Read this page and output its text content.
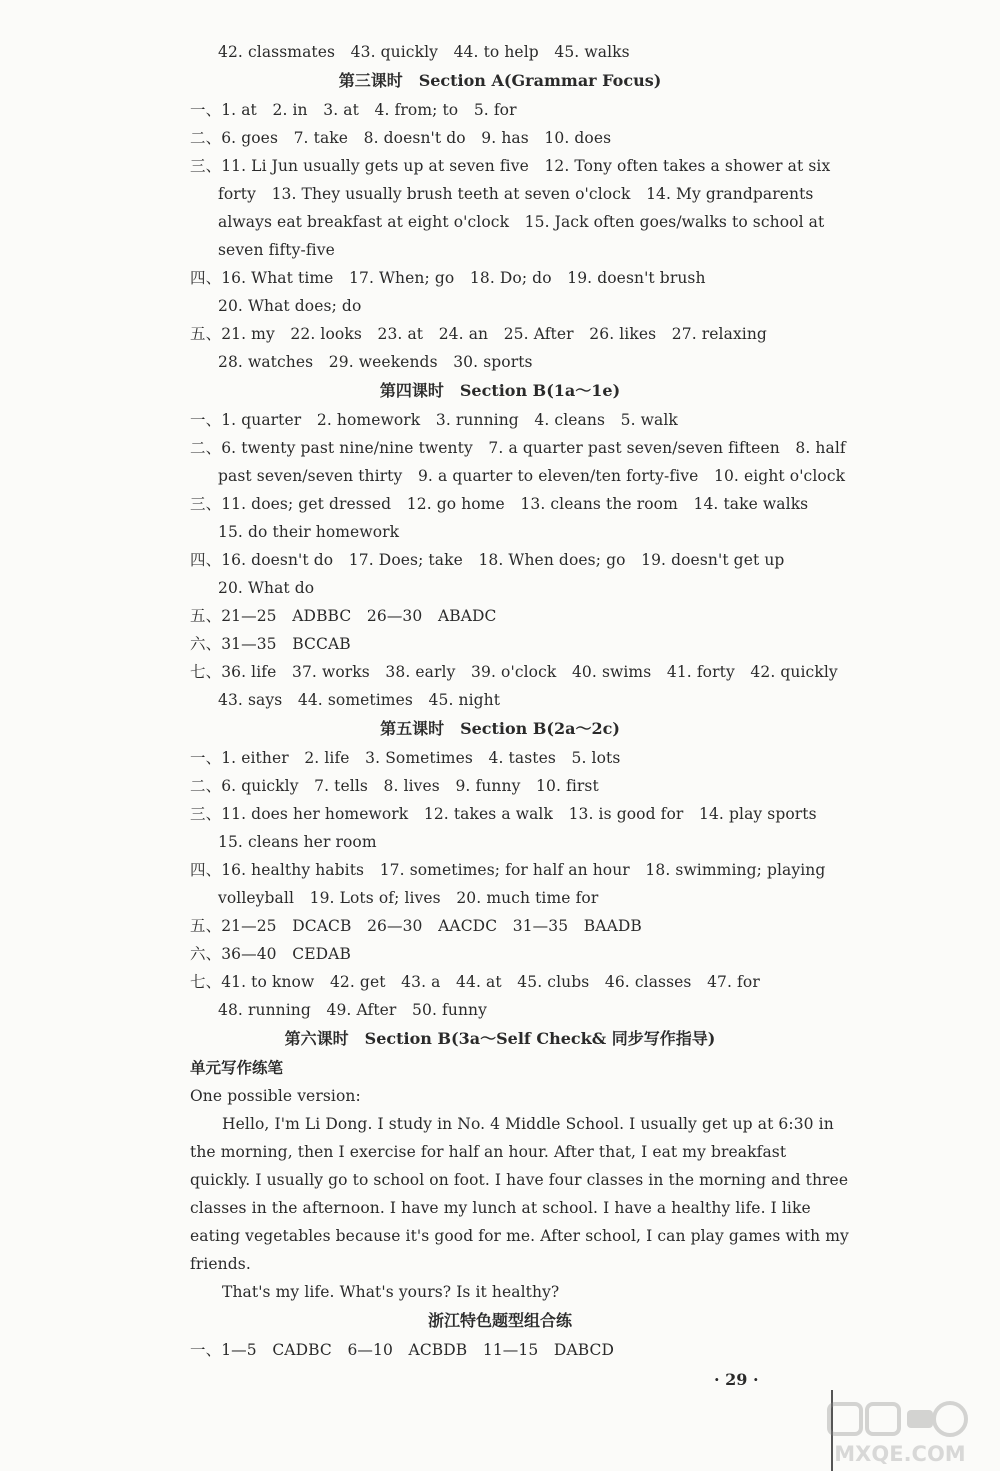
42. classmates　43. quickly　44. to help　45. walks
第三课时　Section A(Grammar Focus)
一、1. at　2. in　3. at　4. from; to　5. for
二、6. goes　7. take　8. doesn't do　9. has　10. does
三、11. Li Jun usually gets up at seven five　12. Tony often takes a shower at six
forty　13. They usually brush teeth at seven o'clock　14. My grandparents
always eat breakfast at eight o'clock　15. Jack often goes/walks to school at
seven fifty-five
四、16. What time　17. When; go　18. Do; do　19. doesn't brush
20. What does; do
五、21. my　22. looks　23. at　24. an　25. After　26. likes　27. relaxing
28. watches　29. weekends　30. sports
第四课时　Section B(1a～1e)
一、1. quarter　2. homework　3. running　4. cleans　5. walk
二、6. twenty past nine/nine twenty　7. a quarter past seven/seven fifteen　8. half
past seven/seven thirty　9. a quarter to eleven/ten forty-five　10. eight o'clock
三、11. does; get dressed　12. go home　13. cleans the room　14. take walks
15. do their homework
四、16. doesn't do　17. Does; take　18. When does; go　19. doesn't get up
20. What do
五、21—25　ADBBC　26—30　ABADC
六、31—35　BCCAB
七、36. life　37. works　38. early　39. o'clock　40. swims　41. forty　42. quickly
43. says　44. sometimes　45. night
第五课时　Section B(2a～2c)
一、1. either　2. life　3. Sometimes　4. tastes　5. lots
二、6. quickly　7. tells　8. lives　9. funny　10. first
三、11. does her homework　12. takes a walk　13. is good for　14. play sports
15. cleans her room
四、16. healthy habits　17. sometimes; for half an hour　18. swimming; playing
volleyball　19. Lots of; lives　20. much time for
五、21—25　DCACB　26—30　AACDC　31—35　BAADB
六、36—40　CEDAB
七、41. to know　42. get　43. a　44. at　45. clubs　46. classes　47. for
48. running　49. After　50. funny
第六课时　Section B(3a～Self Check& 同步写作指导)
单元写作练笔
One possible version:
Hello, I'm Li Dong. I study in No. 4 Middle School. I usually get up at 6:30 in
the morning, then I exercise for half an hour. After that, I eat my breakfast
quickly. I usually go to school on foot. I have four classes in the morning and three
classes in the afternoon. I have my lunch at school. I have a healthy life. I like
eating vegetables because it's good for me. After school, I can play games with my
friends.
That's my life. What's yours? Is it healthy?
浙江特色题型组合练
一、1—5　CADBC　6—10　ACBDB　11—15　DABCD
· 29 ·
MXQE.COM
